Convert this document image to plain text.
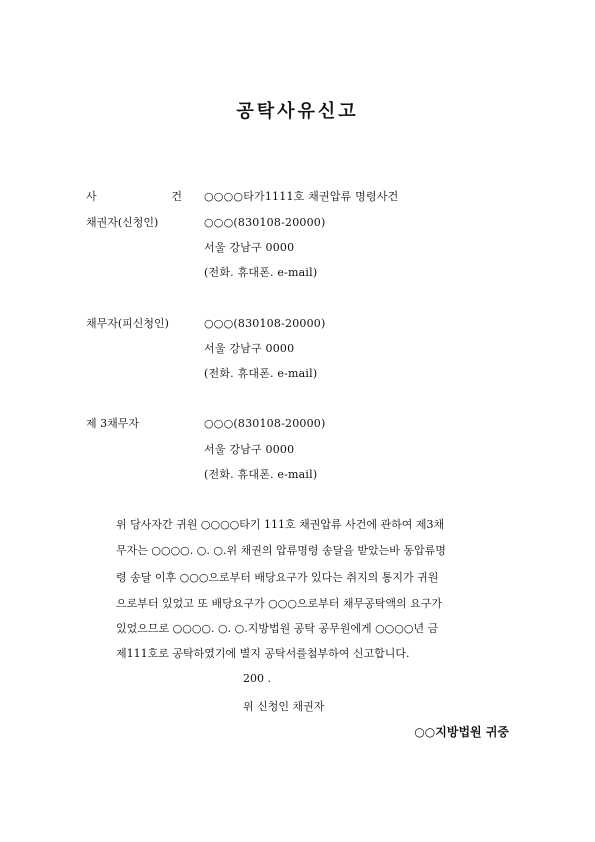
공탁사유신고
사	건 ○○○○타가1111호 채권압류 명령사건
채권자(신청인)	○○○(830108-20000)
서울 강남구 0000
(전화. 휴대폰. e-mail)
채무자(피신청인)	○○○(830108-20000)
서울 강남구 0000
(전화. 휴대폰. e-mail)
제 3채무자	○○○(830108-20000)
서울 강남구 0000
(전화. 휴대폰. e-mail)
위 당사자간 귀원 ○○○○타기 111호 채권압류 사건에 관하여 제3채
무자는 ○○○○. ○. ○.위 채권의 압류명령 송달을 받았는바 동압류명
령 송달 이후 ○○○으로부터 배당요구가 있다는 취지의 통지가 귀원
으로부터 있었고 또 배당요구가 ○○○으로부터 채무공탁액의 요구가
있었으므로 ○○○○. ○. ○.지방법원 공탁 공무원에게 ○○○○년 금
제111호로 공탁하였기에 별지 공탁서를첨부하여 신고합니다.
200 .
위 신청인 채권자
○○지방법원 귀중
